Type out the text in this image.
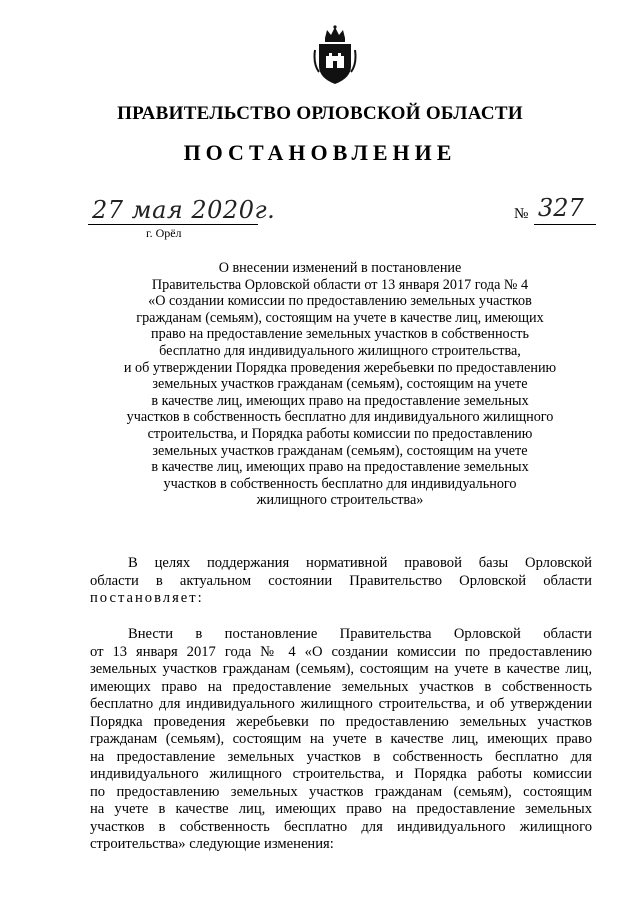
ПРАВИТЕЛЬСТВО ОРЛОВСКОЙ ОБЛАСТИ
ПОСТАНОВЛЕНИЕ
27 мая 2020г.
г. Орёл
№ 327
О внесении изменений в постановление
Правительства Орловской области от 13 января 2017 года № 4
«О создании комиссии по предоставлению земельных участков
гражданам (семьям), состоящим на учете в качестве лиц, имеющих
право на предоставление земельных участков в собственность
бесплатно для индивидуального жилищного строительства,
и об утверждении Порядка проведения жеребьевки по предоставлению
земельных участков гражданам (семьям), состоящим на учете
в качестве лиц, имеющих право на предоставление земельных
участков в собственность бесплатно для индивидуального жилищного
строительства, и Порядка работы комиссии по предоставлению
земельных участков гражданам (семьям), состоящим на учете
в качестве лиц, имеющих право на предоставление земельных
участков в собственность бесплатно для индивидуального
жилищного строительства»
В целях поддержания нормативной правовой базы Орловской
области в актуальном состоянии Правительство Орловской области
постановляет:
Внести в постановление Правительства Орловской области
от 13 января 2017 года № 4 «О создании комиссии по предоставлению
земельных участков гражданам (семьям), состоящим на учете в качестве лиц,
имеющих право на предоставление земельных участков в собственность
бесплатно для индивидуального жилищного строительства, и об утверждении
Порядка проведения жеребьевки по предоставлению земельных участков
гражданам (семьям), состоящим на учете в качестве лиц, имеющих право
на предоставление земельных участков в собственность бесплатно для
индивидуального жилищного строительства, и Порядка работы комиссии
по предоставлению земельных участков гражданам (семьям), состоящим
на учете в качестве лиц, имеющих право на предоставление земельных
участков в собственность бесплатно для индивидуального жилищного
строительства» следующие изменения:
